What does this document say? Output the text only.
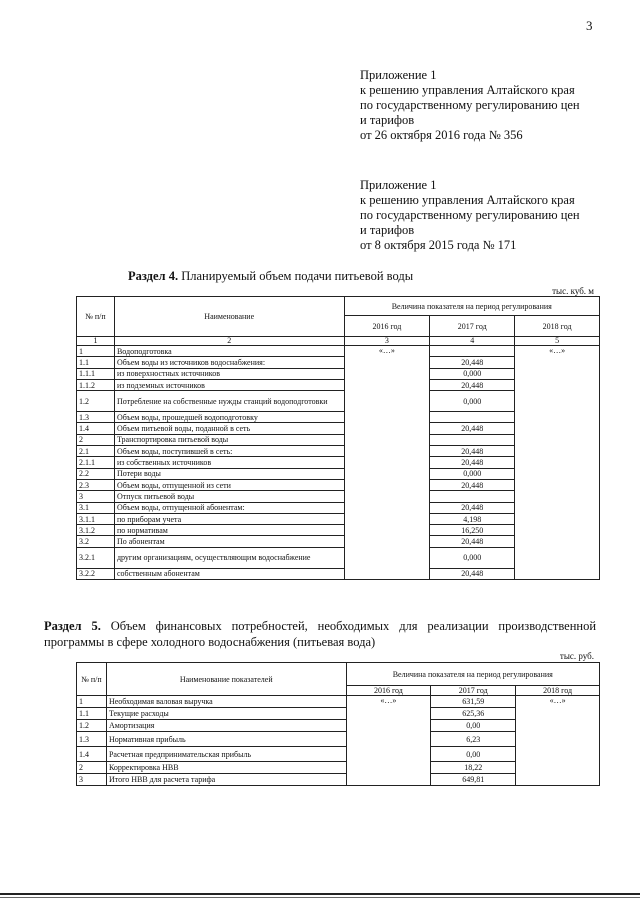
3
Приложение 1
к решению управления Алтайского края
по государственному регулированию цен
и тарифов
от 26 октября 2016 года № 356
Приложение 1
к решению управления Алтайского края
по государственному регулированию цен
и тарифов
от 8 октября 2015 года № 171
Раздел 4. Планируемый объем подачи питьевой воды
тыс. куб. м
№ п/п	Наименование	Величина показателя на период регулирования		
		2016 год	2017 год	2018 год
1	2	3	4	5
1	Водоподготовка	«…»		«…»
1.1	Объем воды из источников водоснабжения:		20,448	
1.1.1	из поверхностных источников		0,000	
1.1.2	из подземных источников		20,448	
1.2	Потребление на собственные нужды станций водоподготовки		0,000	
1.3	Объем воды, прошедшей водоподготовку			
1.4	Объем питьевой воды, поданной в сеть		20,448	
2	Транспортировка питьевой воды			
2.1	Объем воды, поступившей в сеть:		20,448	
2.1.1	из собственных источников		20,448	
2.2	Потери воды		0,000	
2.3	Объем воды, отпущенной из сети		20,448	
3	Отпуск питьевой воды			
3.1	Объем воды, отпущенной абонентам:		20,448	
3.1.1	по приборам учета		4,198	
3.1.2	по нормативам		16,250	
3.2	По абонентам		20,448	
3.2.1	другим организациям, осуществляющим водоснабжение		0,000	
3.2.2	собственным абонентам		20,448	
Раздел 5. Объем финансовых потребностей, необходимых для реализации производственной программы в сфере холодного водоснабжения (питьевая вода)
тыс. руб.
№ п/п	Наименование показателей	Величина показателя на период регулирования		
		2016 год	2017 год	2018 год
1	Необходимая валовая выручка	«…»	631,59	«…»
1.1	Текущие расходы		625,36	
1.2	Амортизация		0,00	
1.3	Нормативная прибыль		6,23	
1.4	Расчетная предпринимательская прибыль		0,00	
2	Корректировка НВВ		18,22	
3	Итого НВВ для расчета тарифа		649,81	
